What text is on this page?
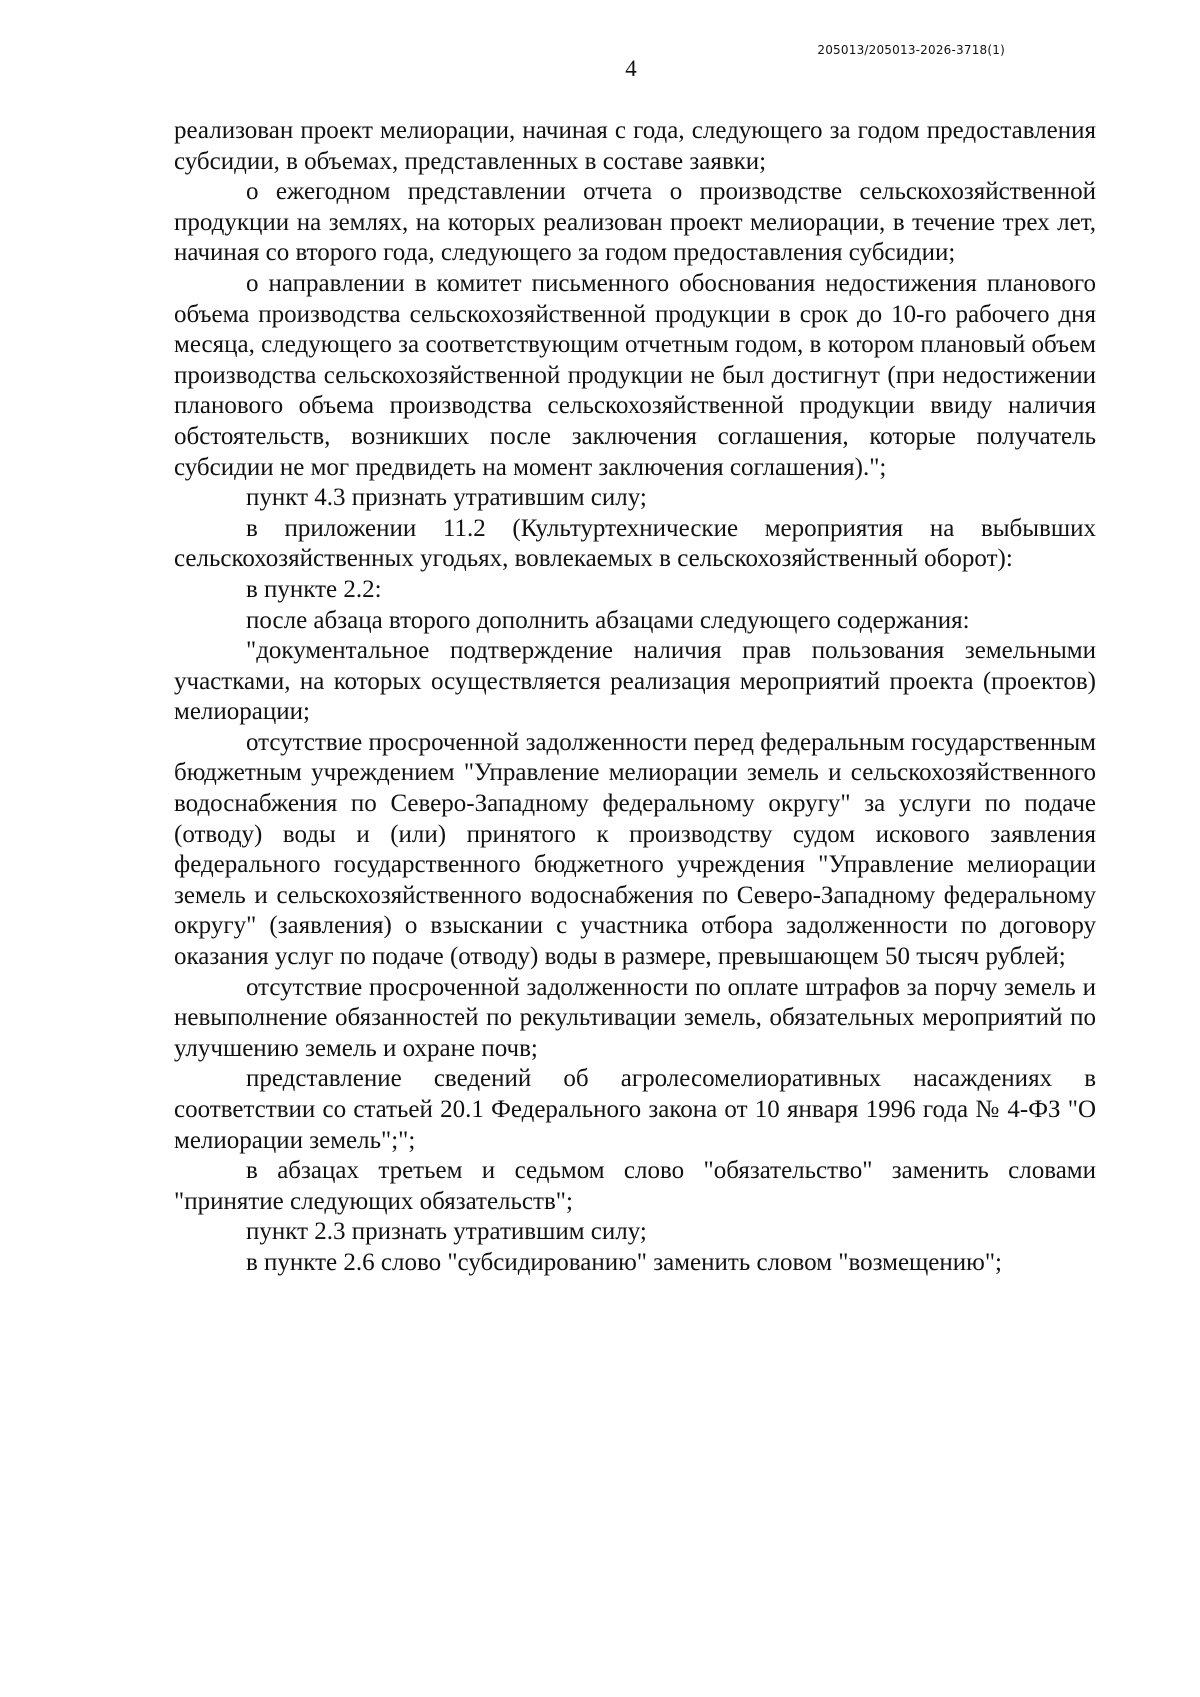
205013/205013-2026-3718(1)
4

реализован проект мелиорации, начиная с года, следующего за годом предоставления субсидии, в объемах, представленных в составе заявки;

о ежегодном представлении отчета о производстве сельскохозяйственной продукции на землях, на которых реализован проект мелиорации, в течение трех лет, начиная со второго года, следующего за годом предоставления субсидии;

о направлении в комитет письменного обоснования недостижения планового объема производства сельскохозяйственной продукции в срок до 10-го рабочего дня месяца, следующего за соответствующим отчетным годом, в котором плановый объем производства сельскохозяйственной продукции не был достигнут (при недостижении планового объема производства сельскохозяйственной продукции ввиду наличия обстоятельств, возникших после заключения соглашения, которые получатель субсидии не мог предвидеть на момент заключения соглашения).";

пункт 4.3 признать утратившим силу;

в приложении 11.2 (Культуртехнические мероприятия на выбывших сельскохозяйственных угодьях, вовлекаемых в сельскохозяйственный оборот):

в пункте 2.2:

после абзаца второго дополнить абзацами следующего содержания:

"документальное подтверждение наличия прав пользования земельными участками, на которых осуществляется реализация мероприятий проекта (проектов) мелиорации;

отсутствие просроченной задолженности перед федеральным государственным бюджетным учреждением "Управление мелиорации земель и сельскохозяйственного водоснабжения по Северо-Западному федеральному округу" за услуги по подаче (отводу) воды и (или) принятого к производству судом искового заявления федерального государственного бюджетного учреждения "Управление мелиорации земель и сельскохозяйственного водоснабжения по Северо-Западному федеральному округу" (заявления) о взыскании с участника отбора задолженности по договору оказания услуг по подаче (отводу) воды в размере, превышающем 50 тысяч рублей;

отсутствие просроченной задолженности по оплате штрафов за порчу земель и невыполнение обязанностей по рекультивации земель, обязательных мероприятий по улучшению земель и охране почв;

представление сведений об агролесомелиоративных насаждениях в соответствии со статьей 20.1 Федерального закона от 10 января 1996 года № 4-ФЗ "О мелиорации земель";";

в абзацах третьем и седьмом слово "обязательство" заменить словами "принятие следующих обязательств";

пункт 2.3 признать утратившим силу;

в пункте 2.6 слово "субсидированию" заменить словом "возмещению";
